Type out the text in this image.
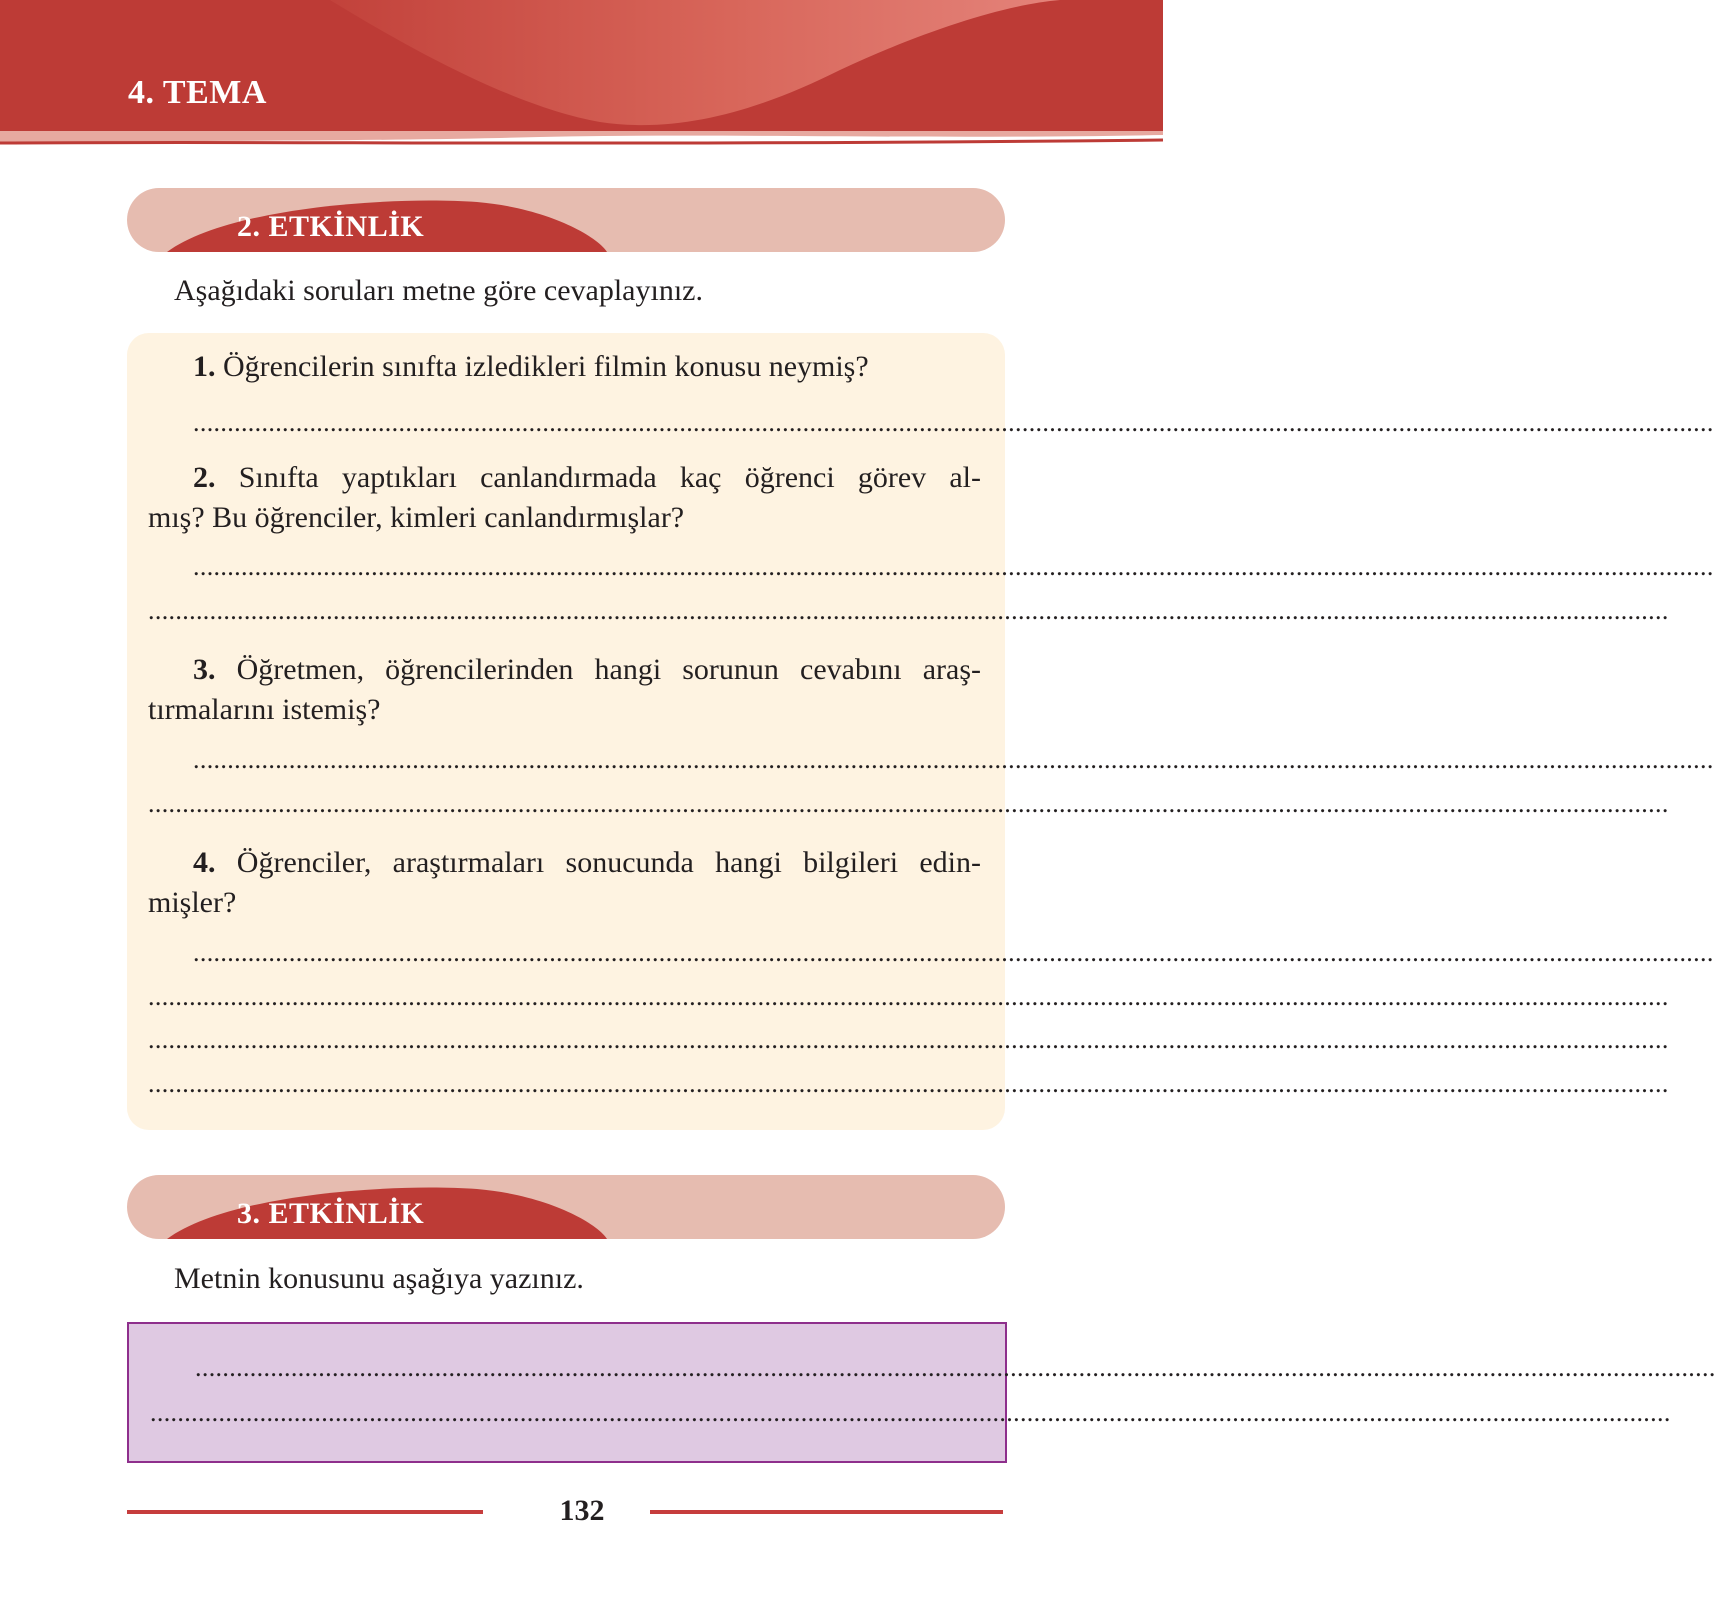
4. TEMA
2. ETKİNLİK
Aşağıdaki soruları metne göre cevaplayınız.
1. Öğrencilerin sınıfta izledikleri filmin konusu neymiş?
..............................................................................................................................................................................................................................
2. Sınıfta yaptıkları canlandırmada kaç öğrenci görev al-
mış? Bu öğrenciler, kimleri canlandırmışlar?
..............................................................................................................................................................................................................................
..............................................................................................................................................................................................................................
3. Öğretmen, öğrencilerinden hangi sorunun cevabını araş-
tırmalarını istemiş?
..............................................................................................................................................................................................................................
..............................................................................................................................................................................................................................
4. Öğrenciler, araştırmaları sonucunda hangi bilgileri edin-
mişler?
..............................................................................................................................................................................................................................
..............................................................................................................................................................................................................................
..............................................................................................................................................................................................................................
..............................................................................................................................................................................................................................
3. ETKİNLİK
Metnin konusunu aşağıya yazınız.
..............................................................................................................................................................................................................................
..............................................................................................................................................................................................................................
132
